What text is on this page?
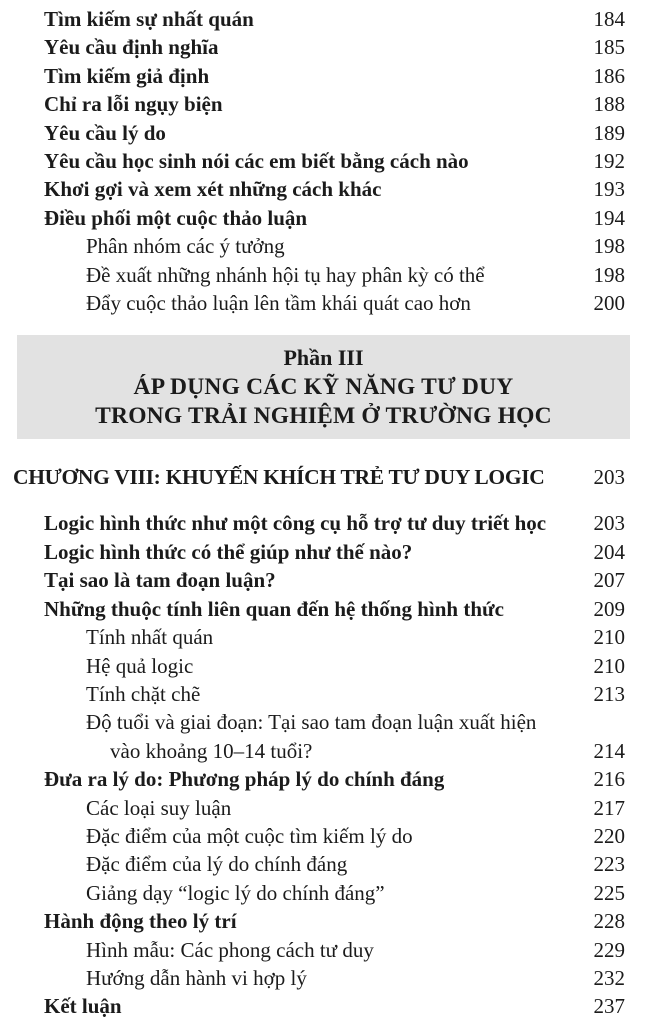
Tìm kiếm sự nhất quán	184
Yêu cầu định nghĩa	185
Tìm kiếm giả định	186
Chỉ ra lỗi ngụy biện	188
Yêu cầu lý do	189
Yêu cầu học sinh nói các em biết bằng cách nào	192
Khơi gợi và xem xét những cách khác	193
Điều phối một cuộc thảo luận	194
Phân nhóm các ý tưởng	198
Đề xuất những nhánh hội tụ hay phân kỳ có thể	198
Đẩy cuộc thảo luận lên tầm khái quát cao hơn	200
Phần III
ÁP DỤNG CÁC KỸ NĂNG TƯ DUY
TRONG TRẢI NGHIỆM Ở TRƯỜNG HỌC
CHƯƠNG VIII: KHUYẾN KHÍCH TRẺ TƯ DUY LOGIC	203
Logic hình thức như một công cụ hỗ trợ tư duy triết học	203
Logic hình thức có thể giúp như thế nào?	204
Tại sao là tam đoạn luận?	207
Những thuộc tính liên quan đến hệ thống hình thức	209
Tính nhất quán	210
Hệ quả logic	210
Tính chặt chẽ	213
Độ tuổi và giai đoạn: Tại sao tam đoạn luận xuất hiện
vào khoảng 10–14 tuổi?	214
Đưa ra lý do: Phương pháp lý do chính đáng	216
Các loại suy luận	217
Đặc điểm của một cuộc tìm kiếm lý do	220
Đặc điểm của lý do chính đáng	223
Giảng dạy “logic lý do chính đáng”	225
Hành động theo lý trí	228
Hình mẫu: Các phong cách tư duy	229
Hướng dẫn hành vi hợp lý	232
Kết luận	237
